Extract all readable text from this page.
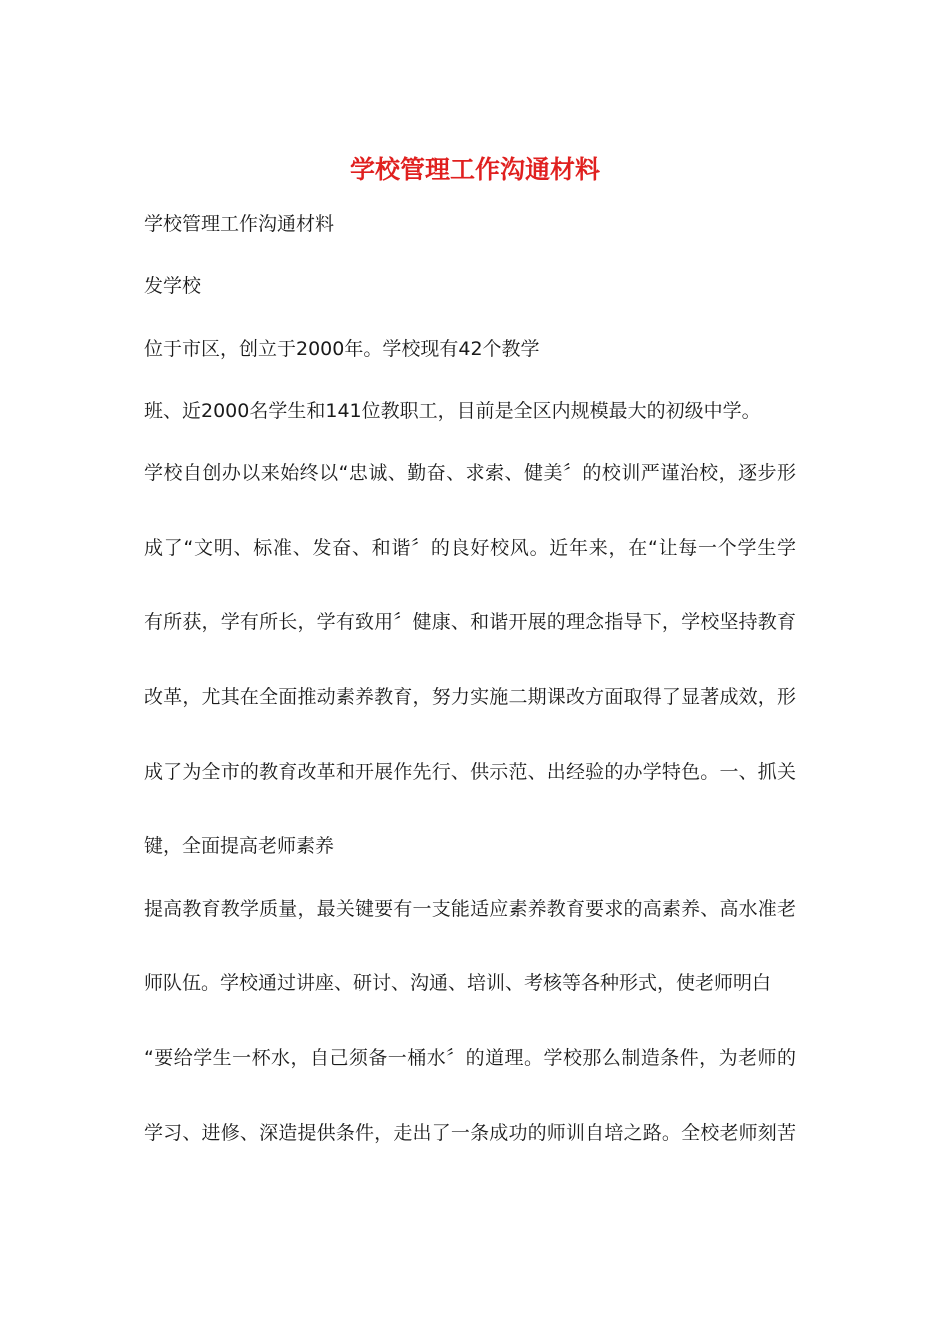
学校管理工作沟通材料
学校管理工作沟通材料
发学校
位于市区，创立于2000年。学校现有42个教学
班、近2000名学生和141位教职工，目前是全区内规模最大的初级中学。
学校自创办以来始终以“忠诚、勤奋、求索、健美〞的校训严谨治校，逐步形
成了“文明、标准、发奋、和谐〞的良好校风。近年来，在“让每一个学生学
有所获，学有所长，学有致用〞健康、和谐开展的理念指导下，学校坚持教育
改革，尤其在全面推动素养教育，努力实施二期课改方面取得了显著成效，形
成了为全市的教育改革和开展作先行、供示范、出经验的办学特色。一、抓关
键，全面提高老师素养
提高教育教学质量，最关键要有一支能适应素养教育要求的高素养、高水准老
师队伍。学校通过讲座、研讨、沟通、培训、考核等各种形式，使老师明白
“要给学生一杯水，自己须备一桶水〞的道理。学校那么制造条件，为老师的
学习、进修、深造提供条件，走出了一条成功的师训自培之路。全校老师刻苦
